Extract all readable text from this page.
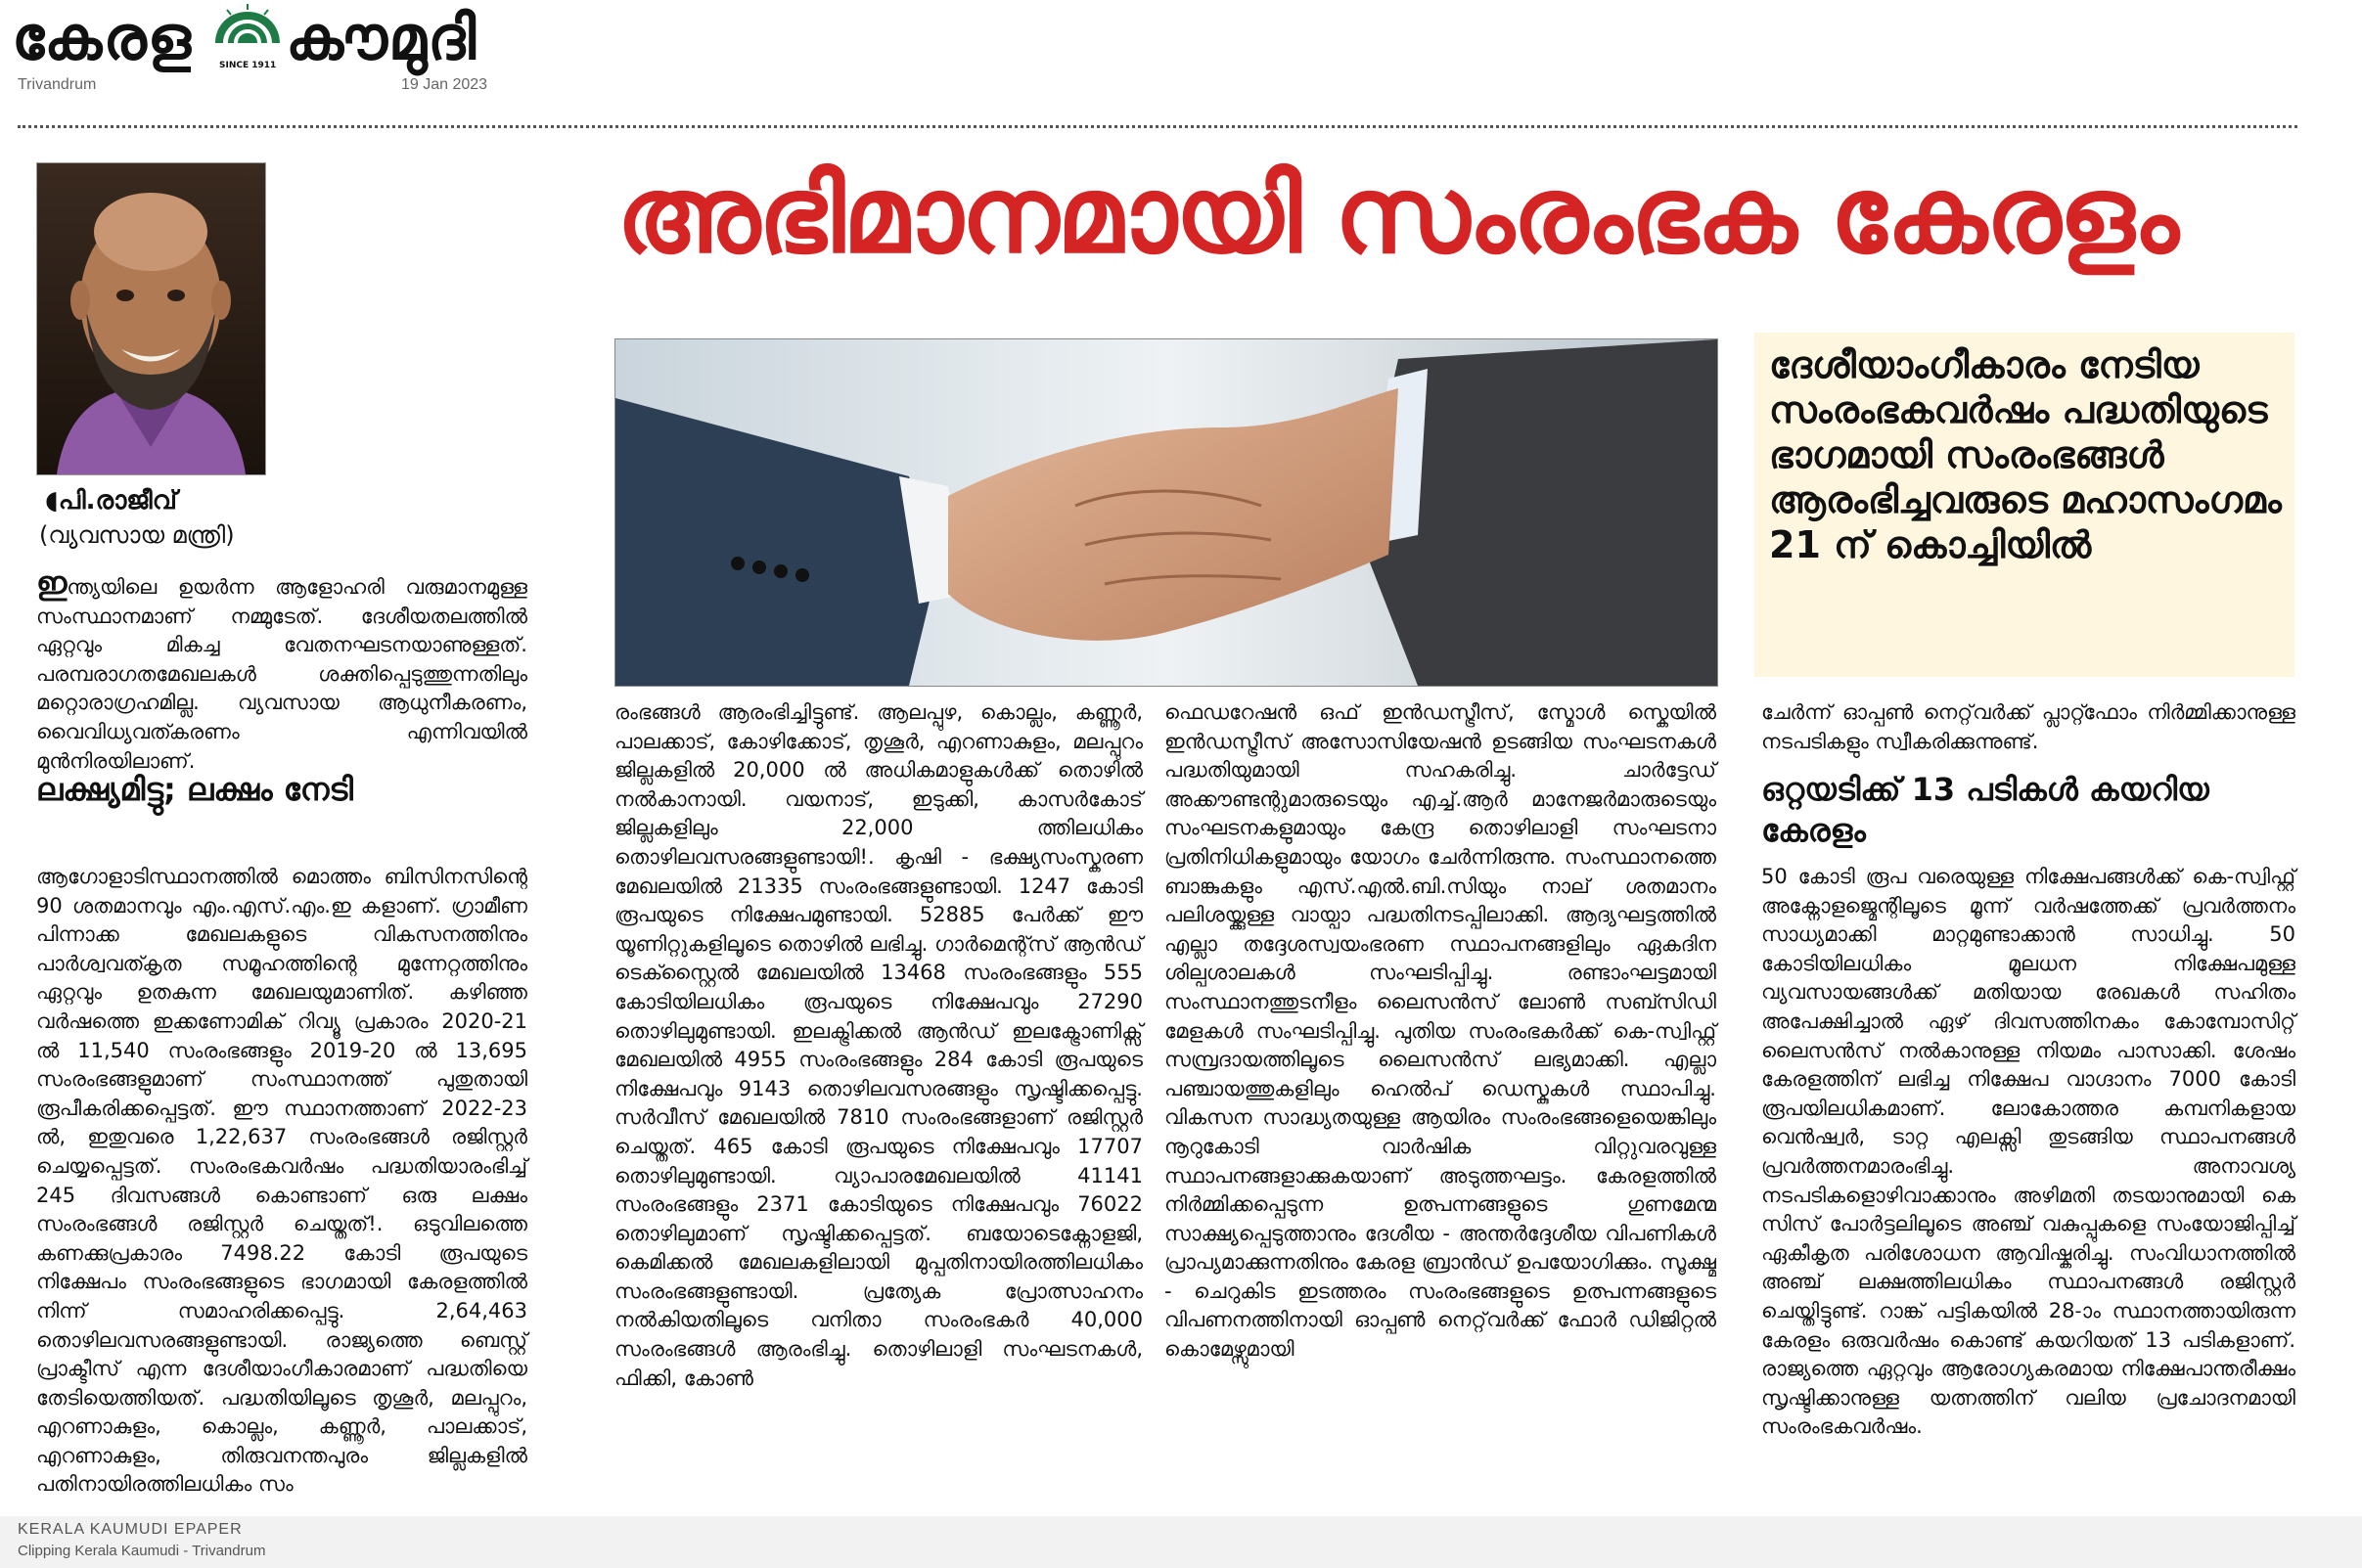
കേരള കൗമുദി
SINCE 1911
Trivandrum	19 Jan 2023
◖പി.രാജീവ്
(വ്യവസായ മന്ത്രി)
അഭിമാനമായി സംരംഭക കേരളം
ദേശീയാംഗീകാരം നേടിയ സംരംഭകവർഷം പദ്ധതിയുടെ ഭാഗമായി സംരംഭങ്ങൾ ആരംഭിച്ചവരുടെ മഹാസംഗമം 21 ന് കൊച്ചിയിൽ
ഇന്ത്യയിലെ ഉയർന്ന ആളോഹരി വരുമാനമുള്ള സംസ്ഥാനമാണ് നമ്മുടേത്. ദേശീയതലത്തിൽ ഏറ്റവും മികച്ച വേതനഘടനയാണുള്ളത്. പരമ്പരാഗതമേഖലകൾ ശക്തിപ്പെടുത്തുന്നതിലും മറ്റൊരാഗ്രഹമില്ല. വ്യവസായ ആധുനീകരണം, വൈവിധ്യവത്കരണം എന്നിവയിൽ മുൻനിരയിലാണ്.
ലക്ഷ്യമിട്ടു; ലക്ഷം നേടി
ആഗോളാടിസ്ഥാനത്തിൽ മൊത്തം ബിസിനസിന്റെ 90 ശതമാനവും എം.എസ്.എം.ഇ കളാണ്. ഗ്രാമീണ പിന്നാക്ക മേഖലകളുടെ വികസനത്തിനും പാർശ്വവത്കൃത സമൂഹത്തിന്റെ മുന്നേറ്റത്തിനും ഏറ്റവും ഉതകുന്ന മേഖലയുമാണിത്. കഴിഞ്ഞ വർഷത്തെ ഇക്കണോമിക് റിവ്യൂ പ്രകാരം 2020-21 ൽ 11,540 സംരംഭങ്ങളും 2019-20 ൽ 13,695 സംരംഭങ്ങളുമാണ് സംസ്ഥാനത്ത് പുതുതായി രൂപീകരിക്കപ്പെട്ടത്. ഈ സ്ഥാനത്താണ് 2022-23 ൽ, ഇതുവരെ 1,22,637 സംരംഭങ്ങൾ രജിസ്റ്റർ ചെയ്യപ്പെട്ടത്. സംരംഭകവർഷം പദ്ധതിയാരംഭിച്ച് 245 ദിവസങ്ങൾ കൊണ്ടാണ് ഒരു ലക്ഷം സംരംഭങ്ങൾ രജിസ്റ്റർ ചെയ്തത്!. ഒടുവിലത്തെ കണക്കുപ്രകാരം 7498.22 കോടി രൂപയുടെ നിക്ഷേപം സംരംഭങ്ങളുടെ ഭാഗമായി കേരളത്തിൽ നിന്ന് സമാഹരിക്കപ്പെട്ടു. 2,64,463 തൊഴിലവസരങ്ങളുണ്ടായി. രാജ്യത്തെ ബെസ്റ്റ് പ്രാക്ടീസ് എന്ന ദേശീയാംഗീകാരമാണ് പദ്ധതിയെ തേടിയെത്തിയത്. പദ്ധതിയിലൂടെ തൃശൂർ, മലപ്പുറം, എറണാകുളം, കൊല്ലം, കണ്ണൂർ, പാലക്കാട്, എറണാകുളം, തിരുവനന്തപുരം ജില്ലകളിൽ പതിനായിരത്തിലധികം സം
രംഭങ്ങൾ ആരംഭിച്ചിട്ടുണ്ട്. ആലപ്പുഴ, കൊല്ലം, കണ്ണൂർ, പാലക്കാട്, കോഴിക്കോട്, തൃശൂർ, എറണാകുളം, മലപ്പുറം ജില്ലകളിൽ 20,000 ൽ അധികമാളുകൾക്ക് തൊഴിൽ നൽകാനായി. വയനാട്, ഇടുക്കി, കാസർകോട് ജില്ലകളിലും 22,000 ത്തിലധികം തൊഴിലവസരങ്ങളുണ്ടായി!. കൃഷി - ഭക്ഷ്യസംസ്കരണ മേഖലയിൽ 21335 സംരംഭങ്ങളുണ്ടായി. 1247 കോടി രൂപയുടെ നിക്ഷേപമുണ്ടായി. 52885 പേർക്ക് ഈ യൂണിറ്റുകളിലൂടെ തൊഴിൽ ലഭിച്ചു. ഗാർമെന്റ്സ് ആൻഡ് ടെക്സ്റ്റൈൽ മേഖലയിൽ 13468 സംരംഭങ്ങളും 555 കോടിയിലധികം രൂപയുടെ നിക്ഷേപവും 27290 തൊഴിലുമുണ്ടായി. ഇലക്ട്രിക്കൽ ആൻഡ് ഇലക്ട്രോണിക്സ് മേഖലയിൽ 4955 സംരംഭങ്ങളും 284 കോടി രൂപയുടെ നിക്ഷേപവും 9143 തൊഴിലവസരങ്ങളും സൃഷ്ടിക്കപ്പെട്ടു. സർവീസ് മേഖലയിൽ 7810 സംരംഭങ്ങളാണ് രജിസ്റ്റർ ചെയ്തത്. 465 കോടി രൂപയുടെ നിക്ഷേപവും 17707 തൊഴിലുമുണ്ടായി. വ്യാപാരമേഖലയിൽ 41141 സംരംഭങ്ങളും 2371 കോടിയുടെ നിക്ഷേപവും 76022 തൊഴിലുമാണ് സൃഷ്ടിക്കപ്പെട്ടത്. ബയോടെക്നോളജി, കെമിക്കൽ മേഖലകളിലായി മുപ്പതിനായിരത്തിലധികം സംരംഭങ്ങളുണ്ടായി. പ്രത്യേക പ്രോത്സാഹനം നൽകിയതിലൂടെ വനിതാ സംരംഭകർ 40,000 സംരംഭങ്ങൾ ആരംഭിച്ചു. തൊഴിലാളി സംഘടനകൾ, ഫിക്കി, കോൺ
ഫെഡറേഷൻ ഒഫ് ഇൻഡസ്ട്രീസ്, സ്മോൾ സ്കെയിൽ ഇൻഡസ്ട്രീസ് അസോസിയേഷൻ ഉടങ്ങിയ സംഘടനകൾ പദ്ധതിയുമായി സഹകരിച്ചു. ചാർട്ടേഡ് അക്കൗണ്ടന്റുമാരുടെയും എച്ച്.ആർ മാനേജർമാരുടെയും സംഘടനകളുമായും കേന്ദ്ര തൊഴിലാളി സംഘടനാ പ്രതിനിധികളുമായും യോഗം ചേർന്നിരുന്നു. സംസ്ഥാനത്തെ ബാങ്കുകളും എസ്.എൽ.ബി.സിയും നാല് ശതമാനം പലിശയ്ക്കുള്ള വായ്പാ പദ്ധതിനടപ്പിലാക്കി. ആദ്യഘട്ടത്തിൽ എല്ലാ തദ്ദേശസ്വയംഭരണ സ്ഥാപനങ്ങളിലും ഏകദിന ശില്പശാലകൾ സംഘടിപ്പിച്ചു. രണ്ടാംഘട്ടമായി സംസ്ഥാനത്തുടനീളം ലൈസൻസ് ലോൺ സബ്സിഡി മേളകൾ സംഘടിപ്പിച്ചു. പുതിയ സംരംഭകർക്ക് കെ-സ്വിഫ്റ്റ് സമ്പ്രദായത്തിലൂടെ ലൈസൻസ് ലഭ്യമാക്കി. എല്ലാ പഞ്ചായത്തുകളിലും ഹെൽപ് ഡെസ്കുകൾ സ്ഥാപിച്ചു. വികസന സാദ്ധ്യതയുള്ള ആയിരം സംരംഭങ്ങളെയെങ്കിലും നൂറുകോടി വാർഷിക വിറ്റുവരവുള്ള സ്ഥാപനങ്ങളാക്കുകയാണ് അടുത്തഘട്ടം. കേരളത്തിൽ നിർമ്മിക്കപ്പെടുന്ന ഉത്പന്നങ്ങളുടെ ഗുണമേന്മ സാക്ഷ്യപ്പെടുത്താനും ദേശീയ - അന്തർദ്ദേശീയ വിപണികൾ പ്രാപ്യമാക്കുന്നതിനും കേരള ബ്രാൻഡ് ഉപയോഗിക്കും. സൂക്ഷ്മ - ചെറുകിട ഇടത്തരം സംരംഭങ്ങളുടെ ഉത്പന്നങ്ങളുടെ വിപണനത്തിനായി ഓപ്പൺ നെറ്റ്‌വർക്ക് ഫോർ ഡിജിറ്റൽ കൊമേഴ്സുമായി
ചേർന്ന് ഓപ്പൺ നെറ്റ്‌വർക്ക് പ്ലാറ്റ്ഫോം നിർമ്മിക്കാനുള്ള നടപടികളും സ്വീകരിക്കുന്നുണ്ട്.
ഒറ്റയടിക്ക് 13 പടികൾ കയറിയ കേരളം
50 കോടി രൂപ വരെയുള്ള നിക്ഷേപങ്ങൾക്ക് കെ-സ്വിഫ്റ്റ് അക്നോളജ്മെന്റിലൂടെ മൂന്ന് വർഷത്തേക്ക് പ്രവർത്തനം സാധ്യമാക്കി മാറ്റമുണ്ടാക്കാൻ സാധിച്ചു. 50 കോടിയിലധികം മൂലധന നിക്ഷേപമുള്ള വ്യവസായങ്ങൾക്ക് മതിയായ രേഖകൾ സഹിതം അപേക്ഷിച്ചാൽ ഏഴ് ദിവസത്തിനകം കോമ്പോസിറ്റ് ലൈസൻസ് നൽകാനുള്ള നിയമം പാസാക്കി. ശേഷം കേരളത്തിന് ലഭിച്ച നിക്ഷേപ വാഗ്ദാനം 7000 കോടി രൂപയിലധികമാണ്. ലോകോത്തര കമ്പനികളായ വെൻഷ്വർ, ടാറ്റ എലക്സി തുടങ്ങിയ സ്ഥാപനങ്ങൾ പ്രവർത്തനമാരംഭിച്ചു. അനാവശ്യ നടപടികളൊഴിവാക്കാനും അഴിമതി തടയാനുമായി കെ സിസ് പോർട്ടലിലൂടെ അഞ്ച് വകുപ്പുകളെ സംയോജിപ്പിച്ച് ഏകീകൃത പരിശോധന ആവിഷ്കരിച്ചു. സംവിധാനത്തിൽ അഞ്ച് ലക്ഷത്തിലധികം സ്ഥാപനങ്ങൾ രജിസ്റ്റർ ചെയ്തിട്ടുണ്ട്. റാങ്ക് പട്ടികയിൽ 28-ാം സ്ഥാനത്തായിരുന്ന കേരളം ഒരുവർഷം കൊണ്ട് കയറിയത് 13 പടികളാണ്. രാജ്യത്തെ ഏറ്റവും ആരോഗ്യകരമായ നിക്ഷേപാന്തരീക്ഷം സൃഷ്ടിക്കാനുള്ള യത്നത്തിന് വലിയ പ്രചോദനമായി സംരംഭകവർഷം.
KERALA KAUMUDI EPAPER
Clipping Kerala Kaumudi - Trivandrum
